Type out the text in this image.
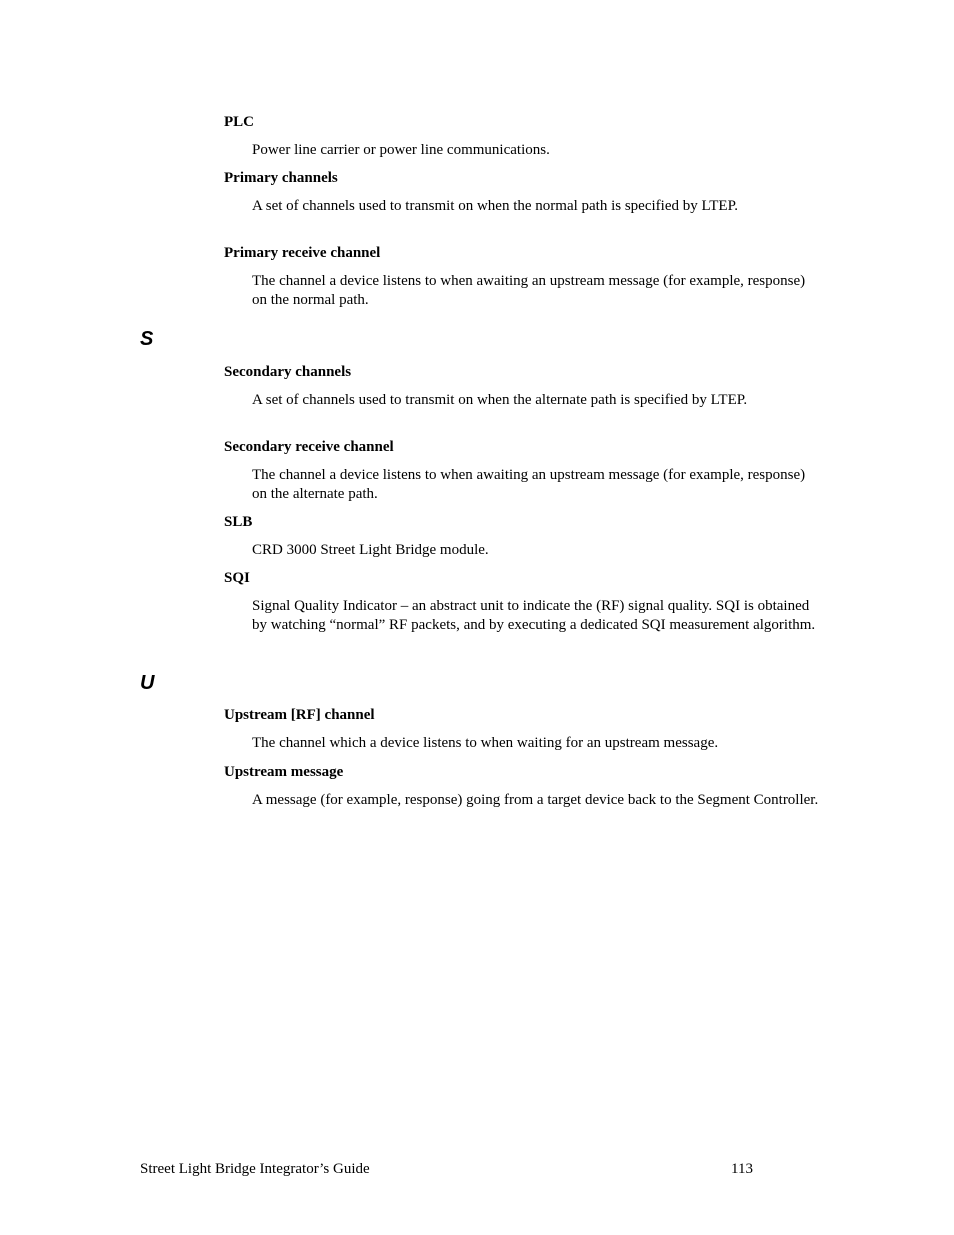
PLC
Power line carrier or power line communications.
Primary channels
A set of channels used to transmit on when the normal path is specified by LTEP.
Primary receive channel
The channel a device listens to when awaiting an upstream message (for example, response) on the normal path.
S
Secondary channels
A set of channels used to transmit on when the alternate path is specified by LTEP.
Secondary receive channel
The channel a device listens to when awaiting an upstream message (for example, response) on the alternate path.
SLB
CRD 3000 Street Light Bridge module.
SQI
Signal Quality Indicator – an abstract unit to indicate the (RF) signal quality. SQI is obtained by watching “normal” RF packets, and by executing a dedicated SQI measurement algorithm.
U
Upstream [RF] channel
The channel which a device listens to when waiting for an upstream message.
Upstream message
A message (for example, response) going from a target device back to the Segment Controller.
Street Light Bridge Integrator’s Guide	113
